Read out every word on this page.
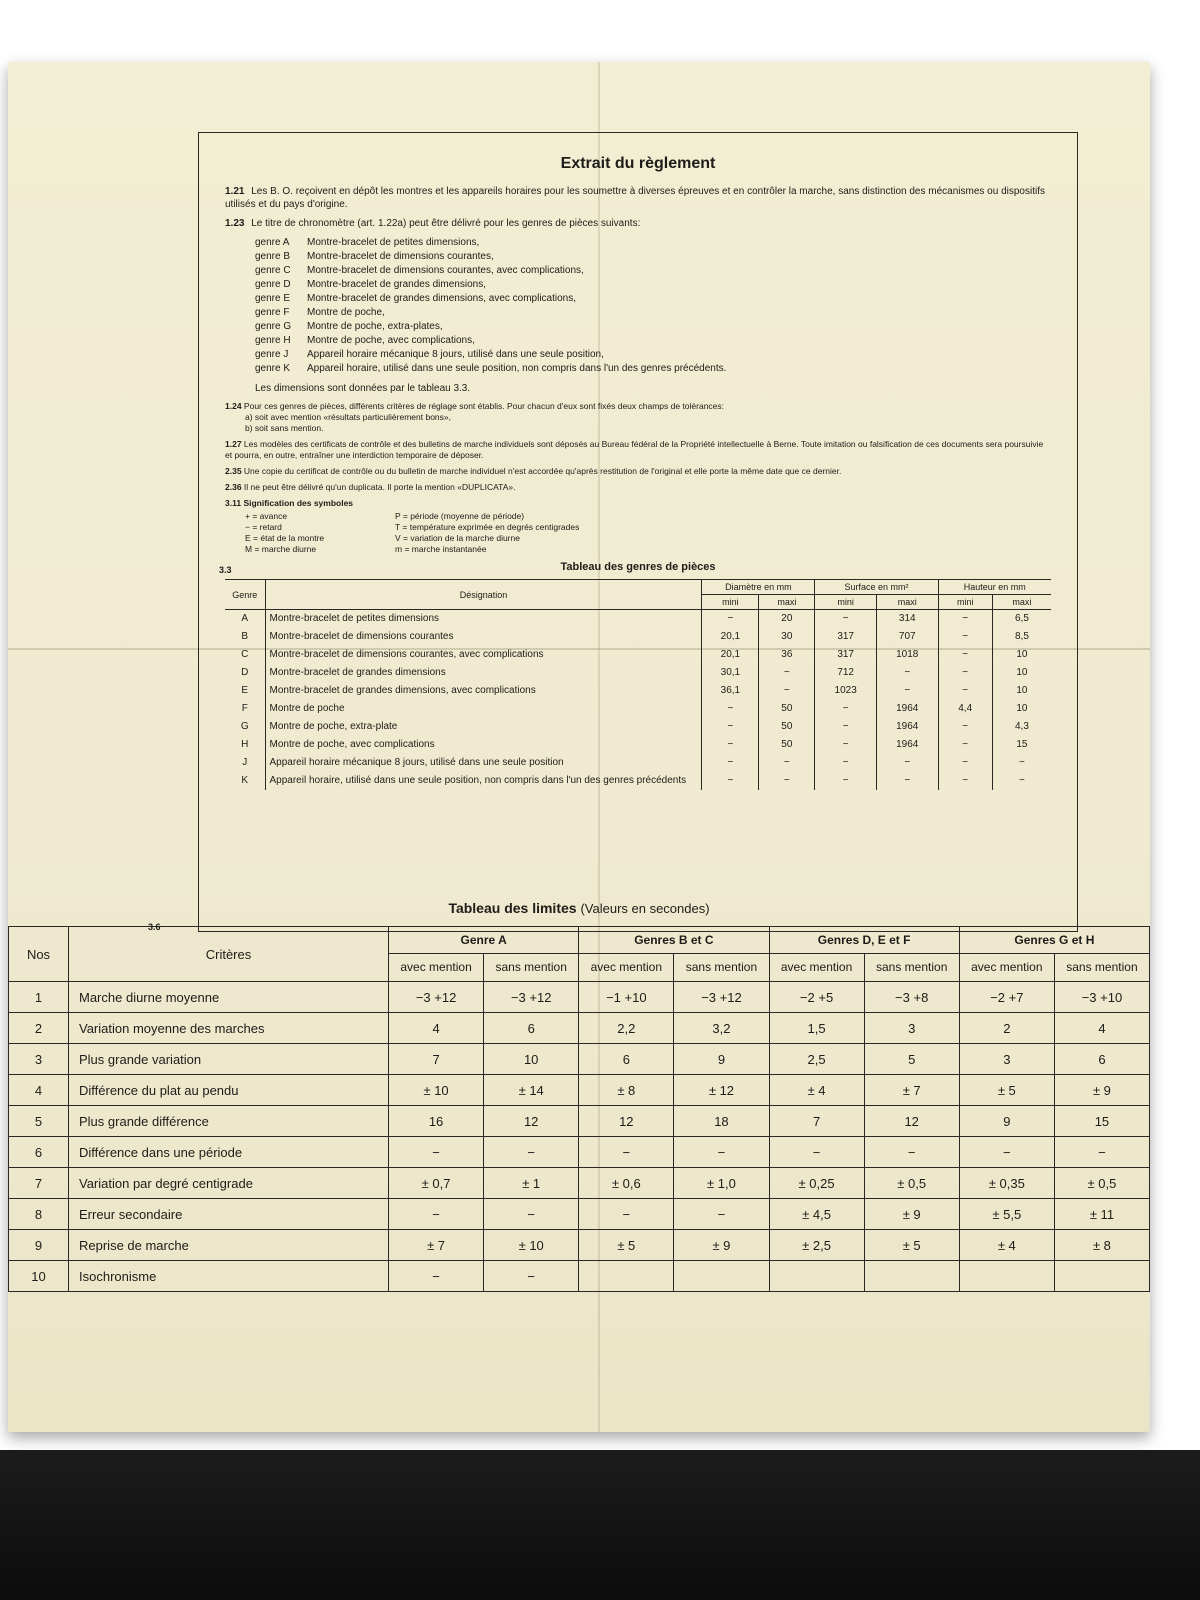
Extrait du règlement
1.21 Les B. O. reçoivent en dépôt les montres et les appareils horaires pour les soumettre à diverses épreuves et en contrôler la marche, sans distinction des mécanismes ou dispositifs utilisés et du pays d'origine.
1.23 Le titre de chronomètre (art. 1.22a) peut être délivré pour les genres de pièces suivants:
genre A Montre-bracelet de petites dimensions,
genre B Montre-bracelet de dimensions courantes,
genre C Montre-bracelet de dimensions courantes, avec complications,
genre D Montre-bracelet de grandes dimensions,
genre E Montre-bracelet de grandes dimensions, avec complications,
genre F Montre de poche,
genre G Montre de poche, extra-plates,
genre H Montre de poche, avec complications,
genre J Appareil horaire mécanique 8 jours, utilisé dans une seule position,
genre K Appareil horaire, utilisé dans une seule position, non compris dans l'un des genres précédents.
Les dimensions sont données par le tableau 3.3.
1.24 Pour ces genres de pièces, différents critères de réglage sont établis. Pour chacun d'eux sont fixés deux champs de tolérances:
a) soit avec mention «résultats particulièrement bons»,
b) soit sans mention.
1.27 Les modèles des certificats de contrôle et des bulletins de marche individuels sont déposés au Bureau fédéral de la Propriété intellectuelle à Berne. Toute imitation ou falsification de ces documents sera poursuivie et pourra, en outre, entraîner une interdiction temporaire de déposer.
2.35 Une copie du certificat de contrôle ou du bulletin de marche individuel n'est accordée qu'après restitution de l'original et elle porte la même date que ce dernier.
2.36 Il ne peut être délivré qu'un duplicata. Il porte la mention «DUPLICATA».
3.11 Signification des symboles
+ = avance	P = période (moyenne de période)
− = retard	T = température exprimée en degrés centigrades
E = état de la montre	V = variation de la marche diurne
M = marche diurne	m = marche instantanée
3.3	Tableau des genres de pièces
Genre	Désignation	Diamètre en mm		Surface en mm²		Hauteur en mm	
		mini	maxi	mini	maxi	mini	maxi
A	Montre-bracelet de petites dimensions	−	20	−	314	−	6,5
B	Montre-bracelet de dimensions courantes	20,1	30	317	707	−	8,5
C	Montre-bracelet de dimensions courantes, avec complications	20,1	36	317	1018	−	10
D	Montre-bracelet de grandes dimensions	30,1	−	712	−	−	10
E	Montre-bracelet de grandes dimensions, avec complications	36,1	−	1023	−	−	10
F	Montre de poche	−	50	−	1964	4,4	10
G	Montre de poche, extra-plate	−	50	−	1964	−	4,3
H	Montre de poche, avec complications	−	50	−	1964	−	15
J	Appareil horaire mécanique 8 jours, utilisé dans une seule position	−	−	−	−	−	−
K	Appareil horaire, utilisé dans une seule position, non compris dans l'un des genres précédents	−	−	−	−	−	−
3.6
Tableau des limites (Valeurs en secondes)
Nos	Critères	Genre A		Genres B et C		Genres D, E et F		Genres G et H	
		avec mention	sans mention	avec mention	sans mention	avec mention	sans mention	avec mention	sans mention
1	Marche diurne moyenne	−3 +12	−3 +12	−1 +10	−3 +12	−2 +5	−3 +8	−2 +7	−3 +10
2	Variation moyenne des marches	4	6	2,2	3,2	1,5	3	2	4
3	Plus grande variation	7	10	6	9	2,5	5	3	6
4	Différence du plat au pendu	± 10	± 14	± 8	± 12	± 4	± 7	± 5	± 9
5	Plus grande différence	16	12	12	18	7	12	9	15
6	Différence dans une période	−	−	−	−	−	−	−	−
7	Variation par degré centigrade	± 0,7	± 1	± 0,6	± 1,0	± 0,25	± 0,5	± 0,35	± 0,5
8	Erreur secondaire	−	−	−	−	± 4,5	± 9	± 5,5	± 11
9	Reprise de marche	± 7	± 10	± 5	± 9	± 2,5	± 5	± 4	± 8
10	Isochronisme	−	−						
